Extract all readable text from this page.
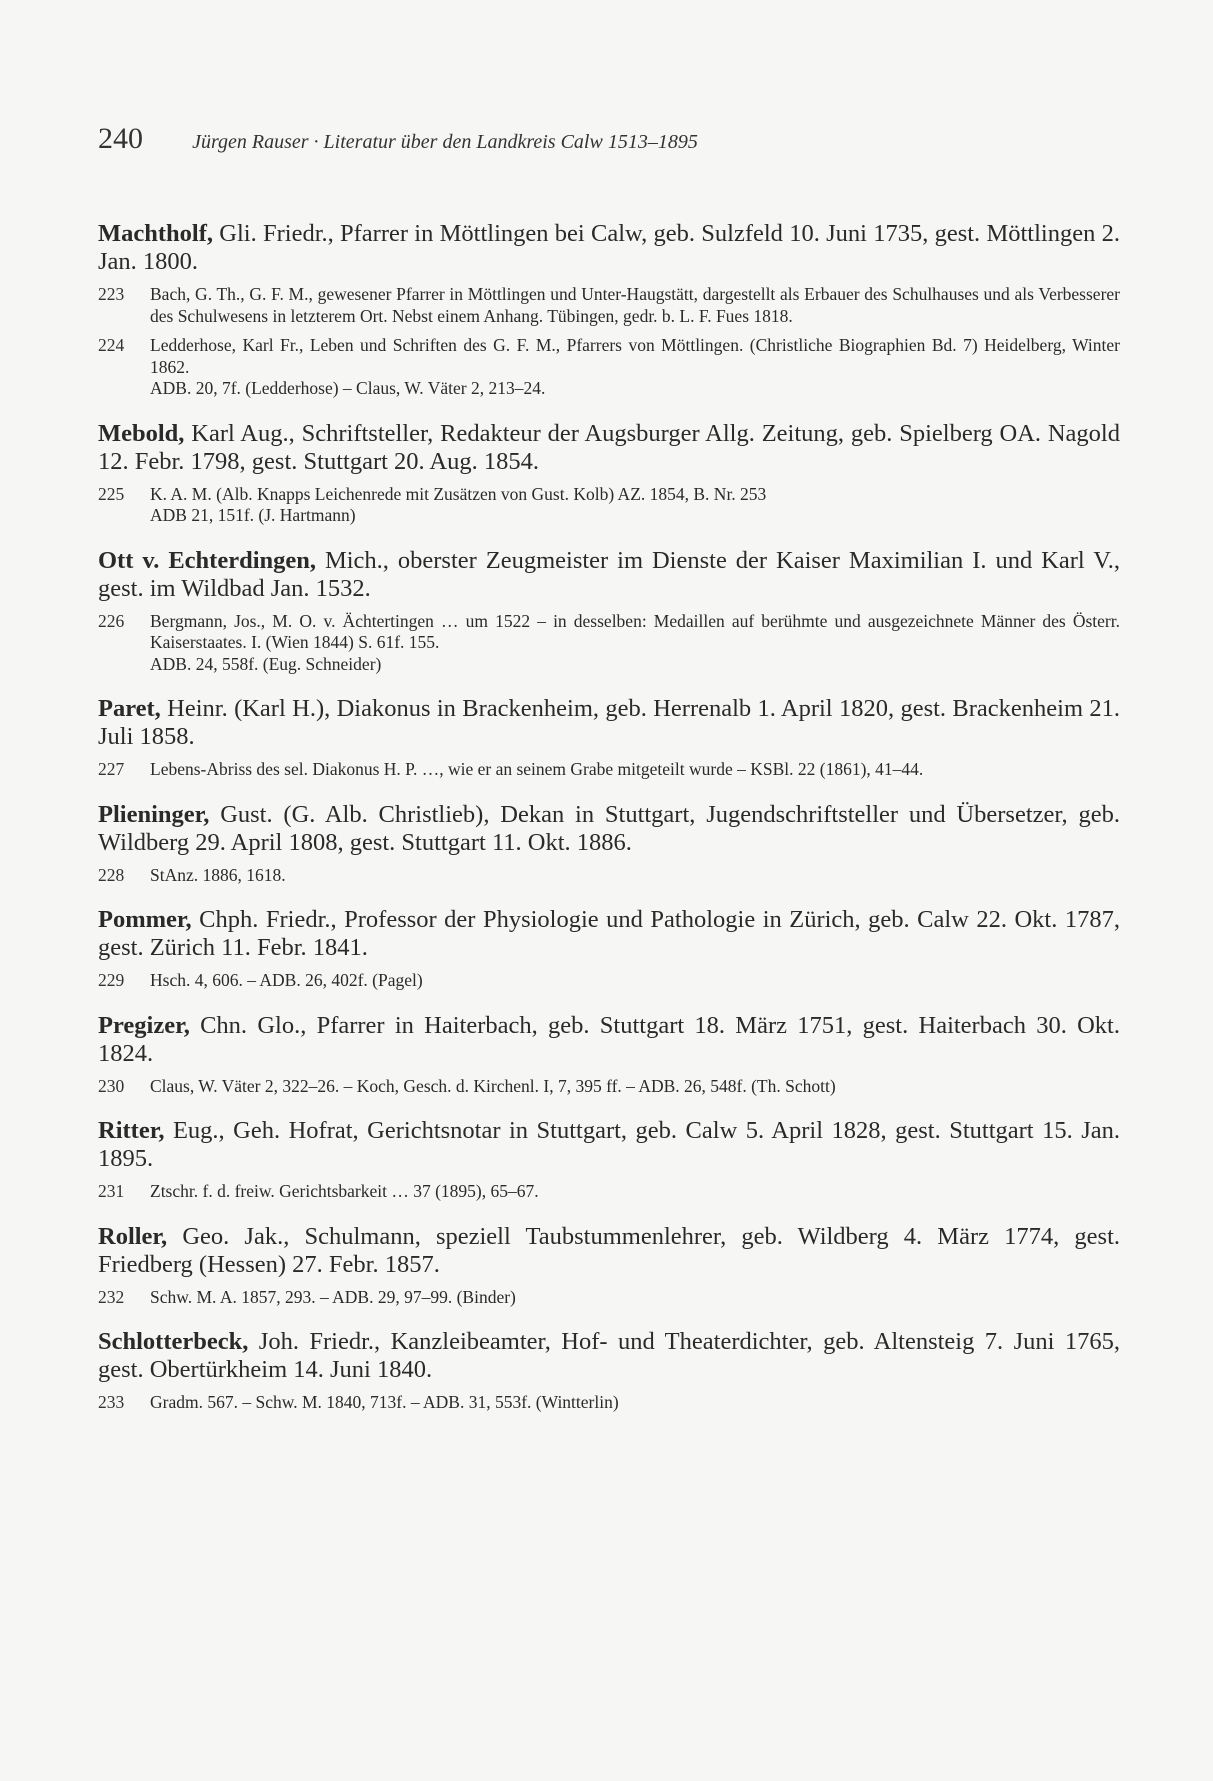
240 Jürgen Rauser · Literatur über den Landkreis Calw 1513–1895

Machtholf, Gli. Friedr., Pfarrer in Möttlingen bei Calw, geb. Sulzfeld 10. Juni 1735, gest. Möttlingen 2. Jan. 1800.

223	Bach, G. Th., G. F. M., gewesener Pfarrer in Möttlingen und Unter-Haugstätt, dargestellt als Erbauer des Schulhauses und als Verbesserer des Schulwesens in letzterem Ort. Nebst einem Anhang. Tübingen, gedr. b. L. F. Fues 1818.

224	Ledderhose, Karl Fr., Leben und Schriften des G. F. M., Pfarrers von Möttlingen. (Christliche Biographien Bd. 7) Heidelberg, Winter 1862.

ADB. 20, 7f. (Ledderhose) – Claus, W. Väter 2, 213–24.

Mebold, Karl Aug., Schriftsteller, Redakteur der Augsburger Allg. Zeitung, geb. Spielberg OA. Nagold 12. Febr. 1798, gest. Stuttgart 20. Aug. 1854.

225	K. A. M. (Alb. Knapps Leichenrede mit Zusätzen von Gust. Kolb) AZ. 1854, B. Nr. 253

ADB 21, 151f. (J. Hartmann)

Ott v. Echterdingen, Mich., oberster Zeugmeister im Dienste der Kaiser Maximilian I. und Karl V., gest. im Wildbad Jan. 1532.

226	Bergmann, Jos., M. O. v. Ächtertingen … um 1522 – in desselben: Medaillen auf berühmte und ausgezeichnete Männer des Österr. Kaiserstaates. I. (Wien 1844) S. 61f. 155.

ADB. 24, 558f. (Eug. Schneider)

Paret, Heinr. (Karl H.), Diakonus in Brackenheim, geb. Herrenalb 1. April 1820, gest. Brackenheim 21. Juli 1858.

227	Lebens-Abriss des sel. Diakonus H. P. …, wie er an seinem Grabe mitgeteilt wurde – KSBl. 22 (1861), 41–44.

Plieninger, Gust. (G. Alb. Christlieb), Dekan in Stuttgart, Jugendschriftsteller und Übersetzer, geb. Wildberg 29. April 1808, gest. Stuttgart 11. Okt. 1886.

228	StAnz. 1886, 1618.

Pommer, Chph. Friedr., Professor der Physiologie und Pathologie in Zürich, geb. Calw 22. Okt. 1787, gest. Zürich 11. Febr. 1841.

229	Hsch. 4, 606. – ADB. 26, 402f. (Pagel)

Pregizer, Chn. Glo., Pfarrer in Haiterbach, geb. Stuttgart 18. März 1751, gest. Haiterbach 30. Okt. 1824.

230	Claus, W. Väter 2, 322–26. – Koch, Gesch. d. Kirchenl. I, 7, 395 ff. – ADB. 26, 548f. (Th. Schott)

Ritter, Eug., Geh. Hofrat, Gerichtsnotar in Stuttgart, geb. Calw 5. April 1828, gest. Stuttgart 15. Jan. 1895.

231	Ztschr. f. d. freiw. Gerichtsbarkeit … 37 (1895), 65–67.

Roller, Geo. Jak., Schulmann, speziell Taubstummenlehrer, geb. Wildberg 4. März 1774, gest. Friedberg (Hessen) 27. Febr. 1857.

232	Schw. M. A. 1857, 293. – ADB. 29, 97–99. (Binder)

Schlotterbeck, Joh. Friedr., Kanzleibeamter, Hof- und Theaterdichter, geb. Altensteig 7. Juni 1765, gest. Obertürkheim 14. Juni 1840.

233	Gradm. 567. – Schw. M. 1840, 713f. – ADB. 31, 553f. (Wintterlin)
